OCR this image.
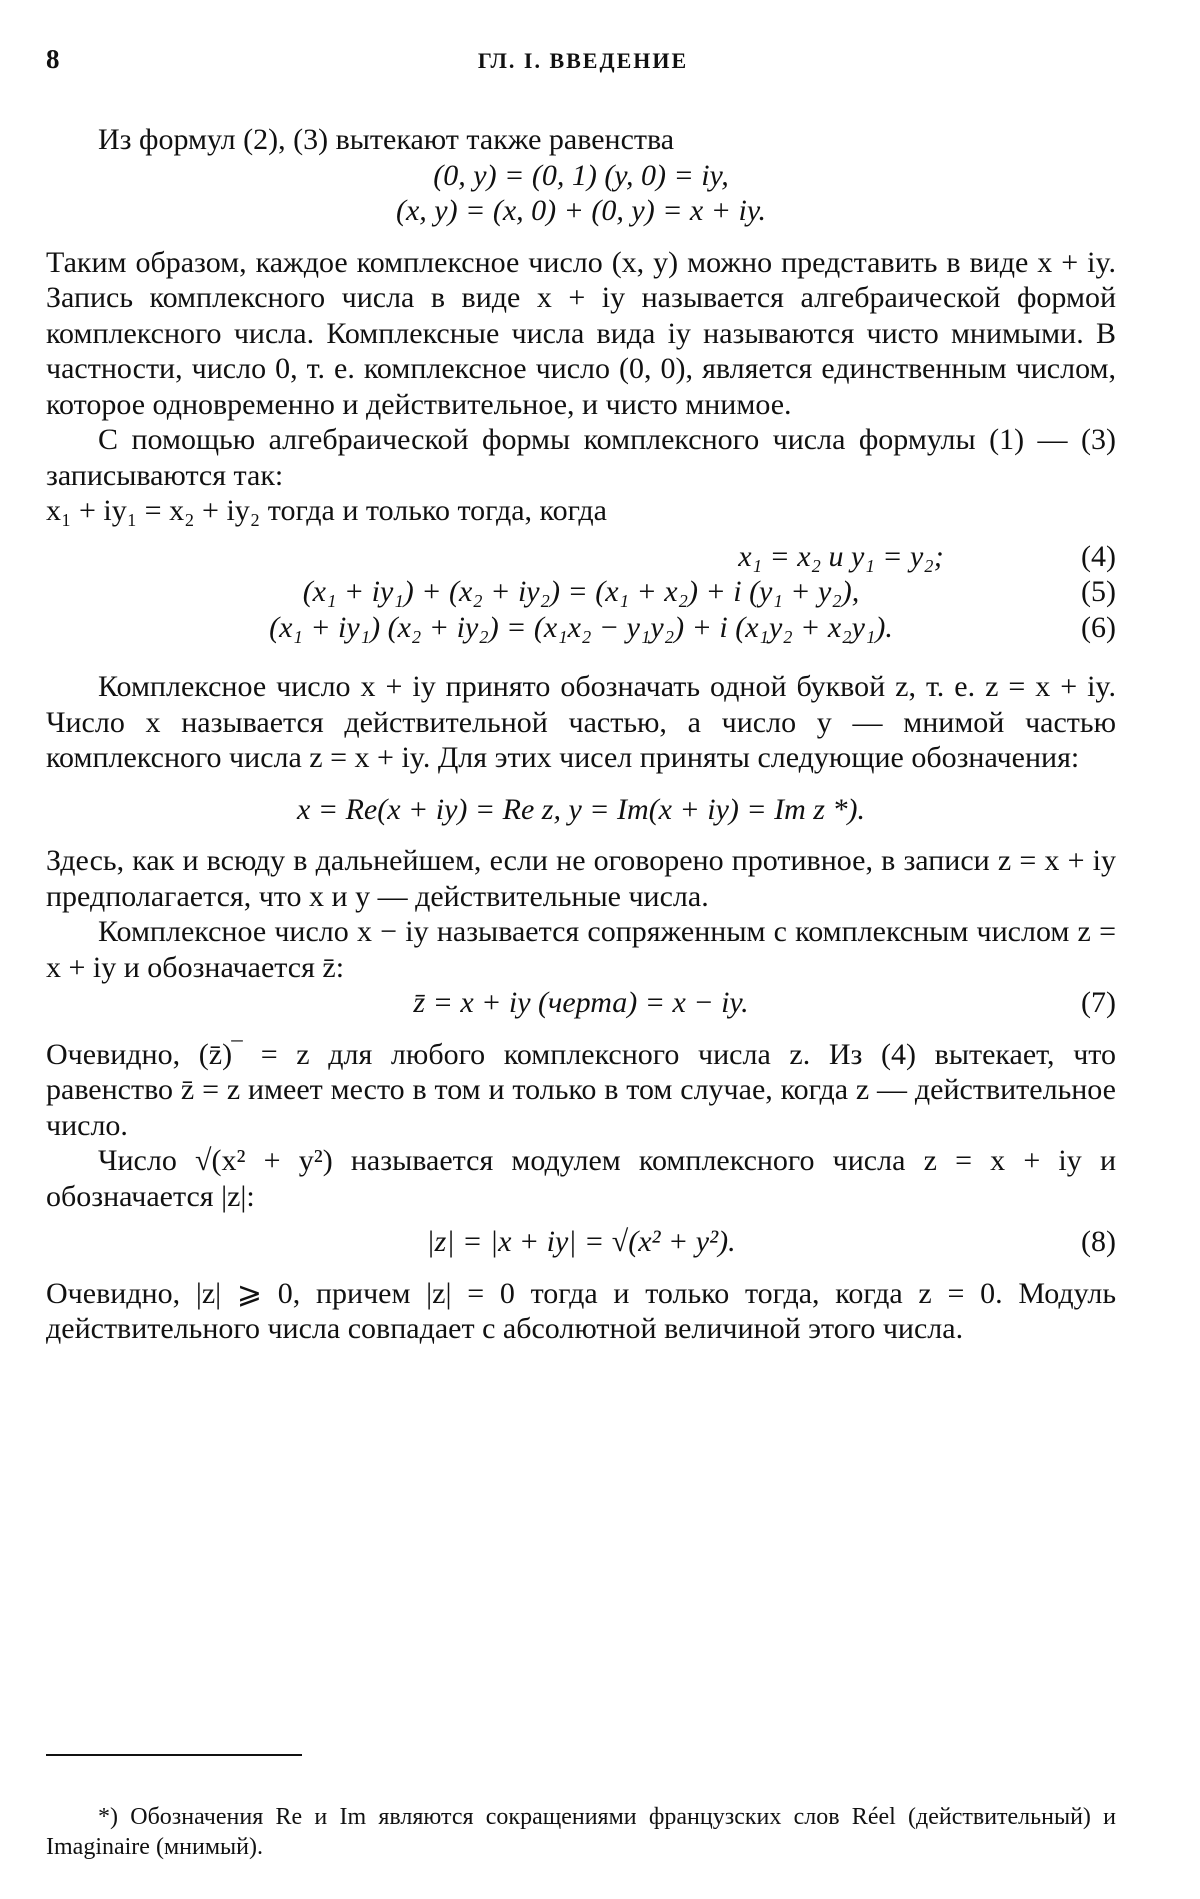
8	ГЛ. I. ВВЕДЕНИЕ

Из формул (2), (3) вытекают также равенства

(0, y) = (0, 1) (y, 0) = iy,

(x, y) = (x, 0) + (0, y) = x + iy.

Таким образом, каждое комплексное число (x, y) можно представить в виде x + iy. Запись комплексного числа в виде x + iy называется алгебраической формой комплексного числа. Комплексные числа вида iy называются чисто мнимыми. В частности, число 0, т. е. комплексное число (0, 0), является единственным числом, которое одновременно и действительное, и чисто мнимое.

С помощью алгебраической формы комплексного числа формулы (1) — (3) записываются так:

x₁ + iy₁ = x₂ + iy₂ тогда и только тогда, когда

x₁ = x₂ и y₁ = y₂;	(4)

(x₁ + iy₁) + (x₂ + iy₂) = (x₁ + x₂) + i (y₁ + y₂),	(5)

(x₁ + iy₁) (x₂ + iy₂) = (x₁x₂ − y₁y₂) + i (x₁y₂ + x₂y₁).	(6)

Комплексное число x + iy принято обозначать одной буквой z, т. е. z = x + iy. Число x называется действительной частью, а число y — мнимой частью комплексного числа z = x + iy. Для этих чисел приняты следующие обозначения:

x = Re(x + iy) = Re z, y = Im(x + iy) = Im z *).

Здесь, как и всюду в дальнейшем, если не оговорено противное, в записи z = x + iy предполагается, что x и y — действительные числа.

Комплексное число x − iy называется сопряженным с комплексным числом z = x + iy и обозначается z̄:

z̄ = x + iy (черта) = x − iy.	(7)

Очевидно, (z̄)‾ = z для любого комплексного числа z. Из (4) вытекает, что равенство z̄ = z имеет место в том и только в том случае, когда z — действительное число.

Число √(x² + y²) называется модулем комплексного числа z = x + iy и обозначается |z|:

|z| = |x + iy| = √(x² + y²).	(8)

Очевидно, |z| ⩾ 0, причем |z| = 0 тогда и только тогда, когда z = 0. Модуль действительного числа совпадает с абсолютной величиной этого числа.

*) Обозначения Re и Im являются сокращениями французских слов Réel (действительный) и Imaginaire (мнимый).
